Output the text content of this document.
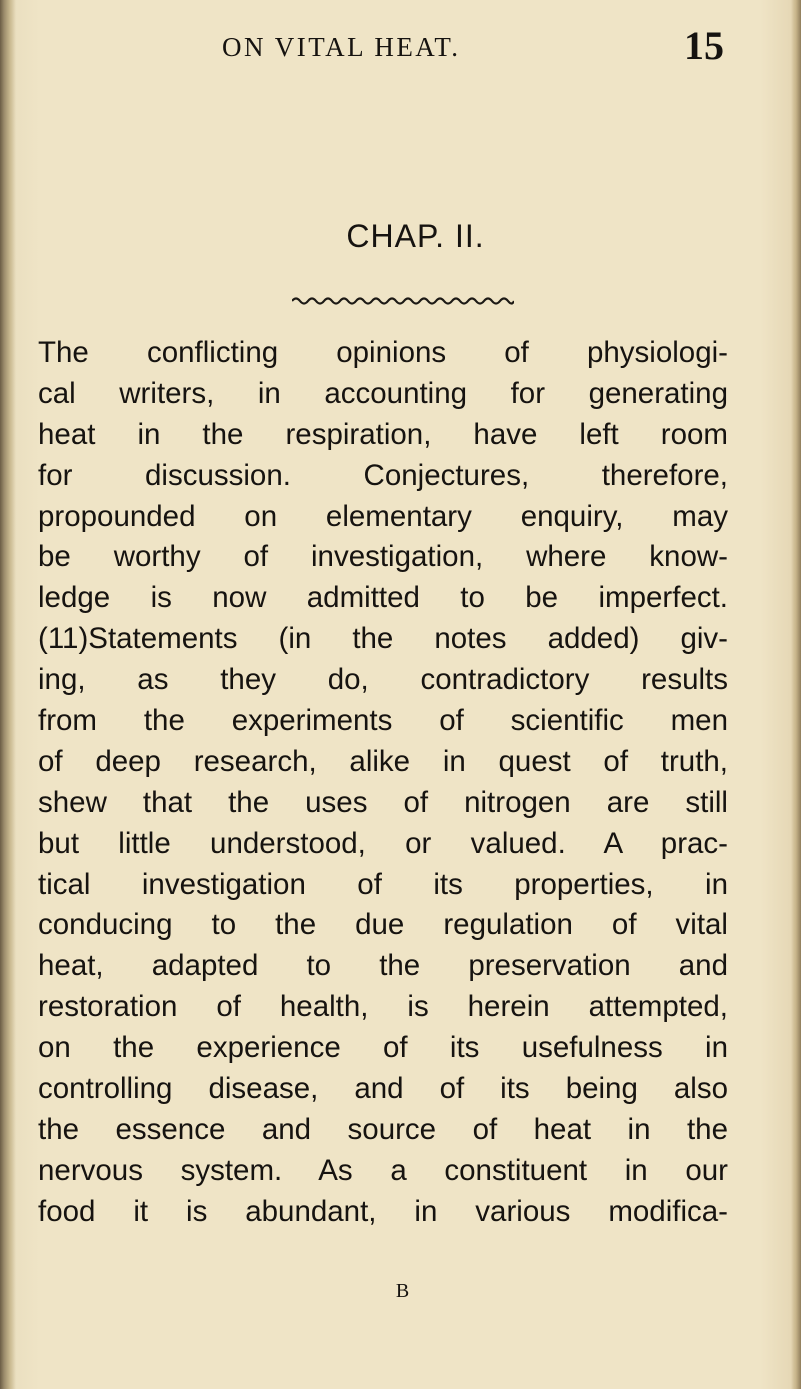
ON VITAL HEAT.	15
CHAP. II.
The conflicting opinions of physiologi-
cal writers, in accounting for generating
heat in the respiration, have left room
for discussion. Conjectures, therefore,
propounded on elementary enquiry, may
be worthy of investigation, where know-
ledge is now admitted to be imperfect.
(11)Statements (in the notes added) giv-
ing, as they do, contradictory results
from the experiments of scientific men
of deep research, alike in quest of truth,
shew that the uses of nitrogen are still
but little understood, or valued. A prac-
tical investigation of its properties, in
conducing to the due regulation of vital
heat, adapted to the preservation and
restoration of health, is herein attempted,
on the experience of its usefulness in
controlling disease, and of its being also
the essence and source of heat in the
nervous system. As a constituent in our
food it is abundant, in various modifica-
B
